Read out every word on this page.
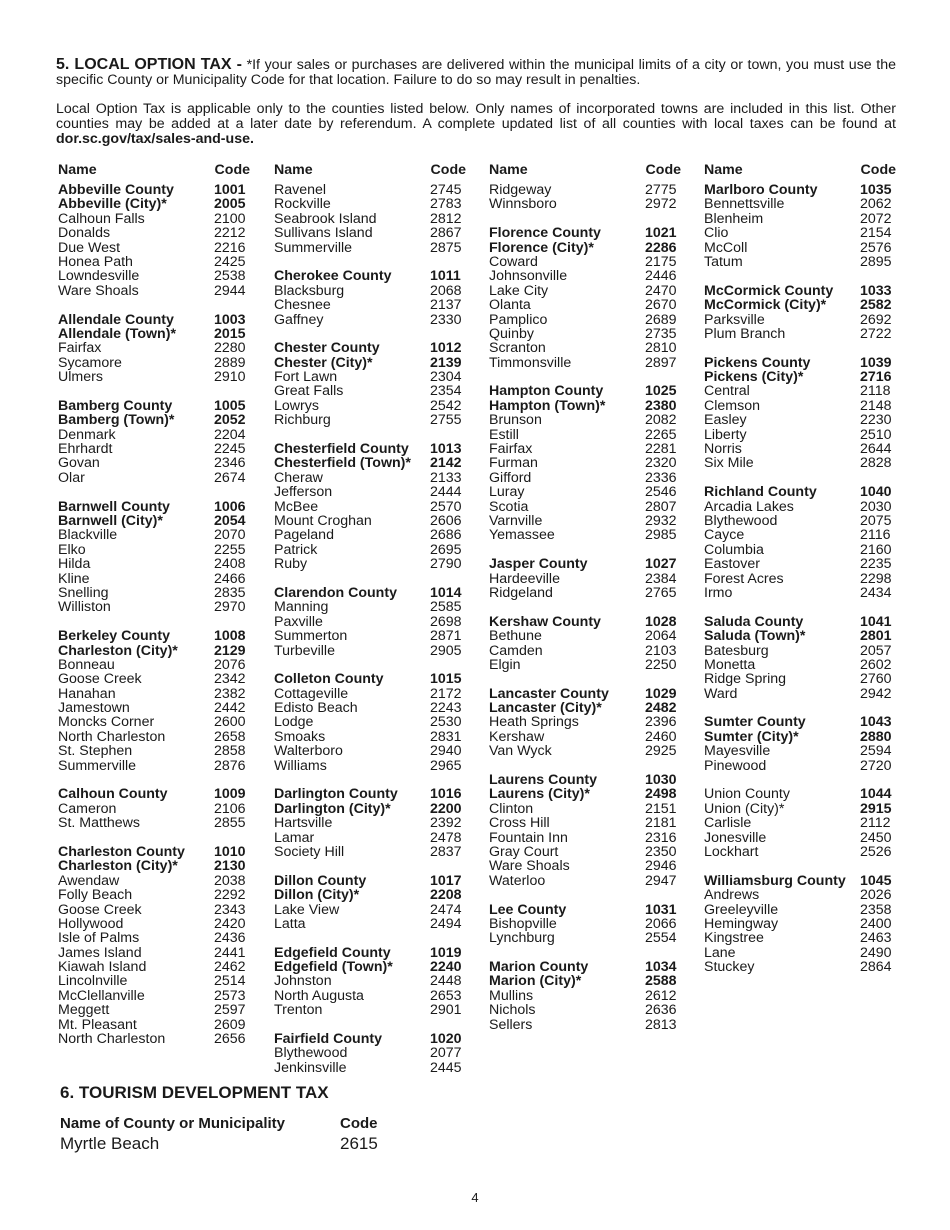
5. LOCAL OPTION TAX - *If your sales or purchases are delivered within the municipal limits of a city or town, you must use the specific County or Municipality Code for that location. Failure to do so may result in penalties.
Local Option Tax is applicable only to the counties listed below. Only names of incorporated towns are included in this list. Other counties may be added at a later date by referendum. A complete updated list of all counties with local taxes can be found at dor.sc.gov/tax/sales-and-use.
Name	Code
Abbeville County	1001
Abbeville (City)*	2005
Calhoun Falls	2100
Donalds	2212
Due West	2216
Honea Path	2425
Lowndesville	2538
Ware Shoals	2944
Allendale County	1003
Allendale (Town)*	2015
Fairfax	2280
Sycamore	2889
Ulmers	2910
Bamberg County	1005
Bamberg (Town)*	2052
Denmark	2204
Ehrhardt	2245
Govan	2346
Olar	2674
Barnwell County	1006
Barnwell (City)*	2054
Blackville	2070
Elko	2255
Hilda	2408
Kline	2466
Snelling	2835
Williston	2970
Berkeley County	1008
Charleston (City)*	2129
Bonneau	2076
Goose Creek	2342
Hanahan	2382
Jamestown	2442
Moncks Corner	2600
North Charleston	2658
St. Stephen	2858
Summerville	2876
Calhoun County	1009
Cameron	2106
St. Matthews	2855
Charleston County 1010
Charleston (City)*	2130
Awendaw	2038
Folly Beach	2292
Goose Creek	2343
Hollywood	2420
Isle of Palms	2436
James Island	2441
Kiawah Island	2462
Lincolnville	2514
McClellanville	2573
Meggett	2597
Mt. Pleasant	2609
North Charleston	2656
Name	Code
Ravenel	2745
Rockville	2783
Seabrook Island	2812
Sullivans Island	2867
Summerville	2875
Cherokee County	1011
Blacksburg	2068
Chesnee	2137
Gaffney	2330
Chester County	1012
Chester (City)*	2139
Fort Lawn	2304
Great Falls	2354
Lowrys	2542
Richburg	2755
Chesterfield County 1013
Chesterfield (Town)* 2142
Cheraw	2133
Jefferson	2444
McBee	2570
Mount Croghan	2606
Pageland	2686
Patrick	2695
Ruby	2790
Clarendon County 1014
Manning	2585
Paxville	2698
Summerton	2871
Turbeville	2905
Colleton County	1015
Cottageville	2172
Edisto Beach	2243
Lodge	2530
Smoaks	2831
Walterboro	2940
Williams	2965
Darlington County 1016
Darlington (City)*	2200
Hartsville	2392
Lamar	2478
Society Hill	2837
Dillon County	1017
Dillon (City)*	2208
Lake View	2474
Latta	2494
Edgefield County	1019
Edgefield (Town)*	2240
Johnston	2448
North Augusta	2653
Trenton	2901
Fairfield County	1020
Blythewood	2077
Jenkinsville	2445
Name	Code
Ridgeway	2775
Winnsboro	2972
Florence County	1021
Florence (City)*	2286
Coward	2175
Johnsonville	2446
Lake City	2470
Olanta	2670
Pamplico	2689
Quinby	2735
Scranton	2810
Timmonsville	2897
Hampton County	1025
Hampton (Town)*	2380
Brunson	2082
Estill	2265
Fairfax	2281
Furman	2320
Gifford	2336
Luray	2546
Scotia	2807
Varnville	2932
Yemassee	2985
Jasper County	1027
Hardeeville	2384
Ridgeland	2765
Kershaw County	1028
Bethune	2064
Camden	2103
Elgin	2250
Lancaster County	1029
Lancaster (City)*	2482
Heath Springs	2396
Kershaw	2460
Van Wyck	2925
Laurens County	1030
Laurens (City)*	2498
Clinton	2151
Cross Hill	2181
Fountain Inn	2316
Gray Court	2350
Ware Shoals	2946
Waterloo	2947
Lee County	1031
Bishopville	2066
Lynchburg	2554
Marion County	1034
Marion (City)*	2588
Mullins	2612
Nichols	2636
Sellers	2813
Name	Code
Marlboro County	1035
Bennettsville	2062
Blenheim	2072
Clio	2154
McColl	2576
Tatum	2895
McCormick County 1033
McCormick (City)* 2582
Parksville	2692
Plum Branch	2722
Pickens County	1039
Pickens (City)*	2716
Central	2118
Clemson	2148
Easley	2230
Liberty	2510
Norris	2644
Six Mile	2828
Richland County	1040
Arcadia Lakes	2030
Blythewood	2075
Cayce	2116
Columbia	2160
Eastover	2235
Forest Acres	2298
Irmo	2434
Saluda County	1041
Saluda (Town)*	2801
Batesburg	2057
Monetta	2602
Ridge Spring	2760
Ward	2942
Sumter County	1043
Sumter (City)*	2880
Mayesville	2594
Pinewood	2720
Union County	1044
Union (City)*	2915
Carlisle	2112
Jonesville	2450
Lockhart	2526
Williamsburg County 1045
Andrews	2026
Greeleyville	2358
Hemingway	2400
Kingstree	2463
Lane	2490
Stuckey	2864
6. TOURISM DEVELOPMENT TAX
Name of County or Municipality	Code
Myrtle Beach	2615
4
